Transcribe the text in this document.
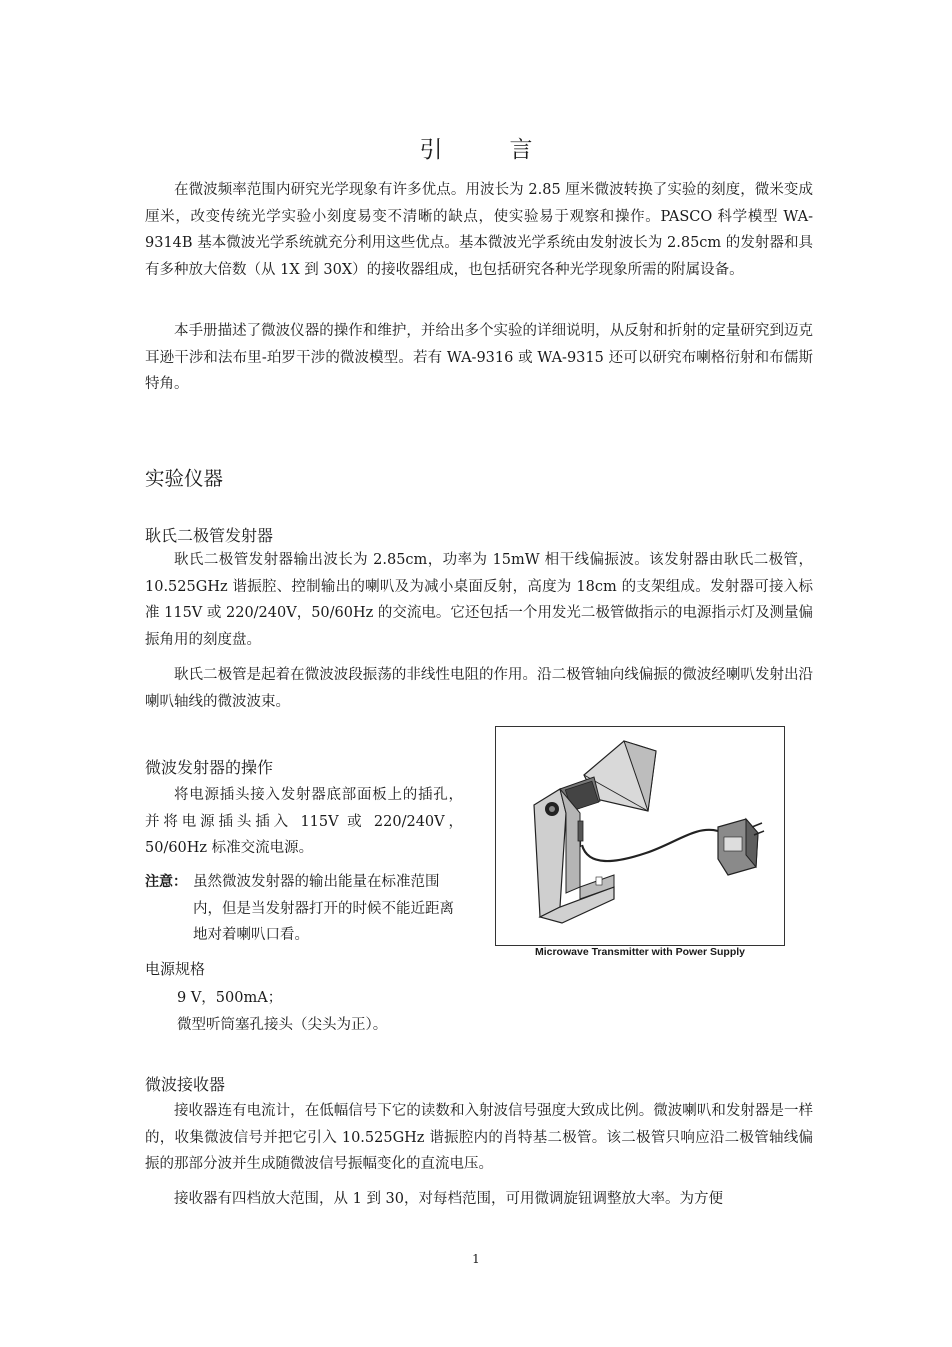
引　言

在微波频率范围内研究光学现象有许多优点。用波长为 2.85 厘米微波转换了实验的刻度，微米变成厘米，改变传统光学实验小刻度易变不清晰的缺点，使实验易于观察和操作。PASCO 科学模型 WA-9314B 基本微波光学系统就充分利用这些优点。基本微波光学系统由发射波长为 2.85cm 的发射器和具有多种放大倍数（从 1X 到 30X）的接收器组成，也包括研究各种光学现象所需的附属设备。

本手册描述了微波仪器的操作和维护，并给出多个实验的详细说明，从反射和折射的定量研究到迈克耳逊干涉和法布里-珀罗干涉的微波模型。若有 WA-9316 或 WA-9315 还可以研究布喇格衍射和布儒斯特角。

实验仪器
耿氏二极管发射器

耿氏二极管发射器输出波长为 2.85cm，功率为 15mW 相干线偏振波。该发射器由耿氏二极管，10.525GHz 谐振腔、控制输出的喇叭及为减小桌面反射，高度为 18cm 的支架组成。发射器可接入标准 115V 或 220/240V，50/60Hz 的交流电。它还包括一个用发光二极管做指示的电源指示灯及测量偏振角用的刻度盘。

耿氏二极管是起着在微波波段振荡的非线性电阻的作用。沿二极管轴向线偏振的微波经喇叭发射出沿喇叭轴线的微波波束。

微波发射器的操作

将电源插头接入发射器底部面板上的插孔，并将电源插头插入 115V 或 220/240V，50/60Hz 标准交流电源。

注意： 虽然微波发射器的输出能量在标准范围内，但是当发射器打开的时候不能近距离地对着喇叭口看。
电源规格
9 V，500mA；
微型听筒塞孔接头（尖头为正）。
Microwave Transmitter with Power Supply
微波接收器

接收器连有电流计，在低幅信号下它的读数和入射波信号强度大致成比例。微波喇叭和发射器是一样的，收集微波信号并把它引入 10.525GHz 谐振腔内的肖特基二极管。该二极管只响应沿二极管轴线偏振的那部分波并生成随微波信号振幅变化的直流电压。

接收器有四档放大范围，从 1 到 30，对每档范围，可用微调旋钮调整放大率。为方便

1
